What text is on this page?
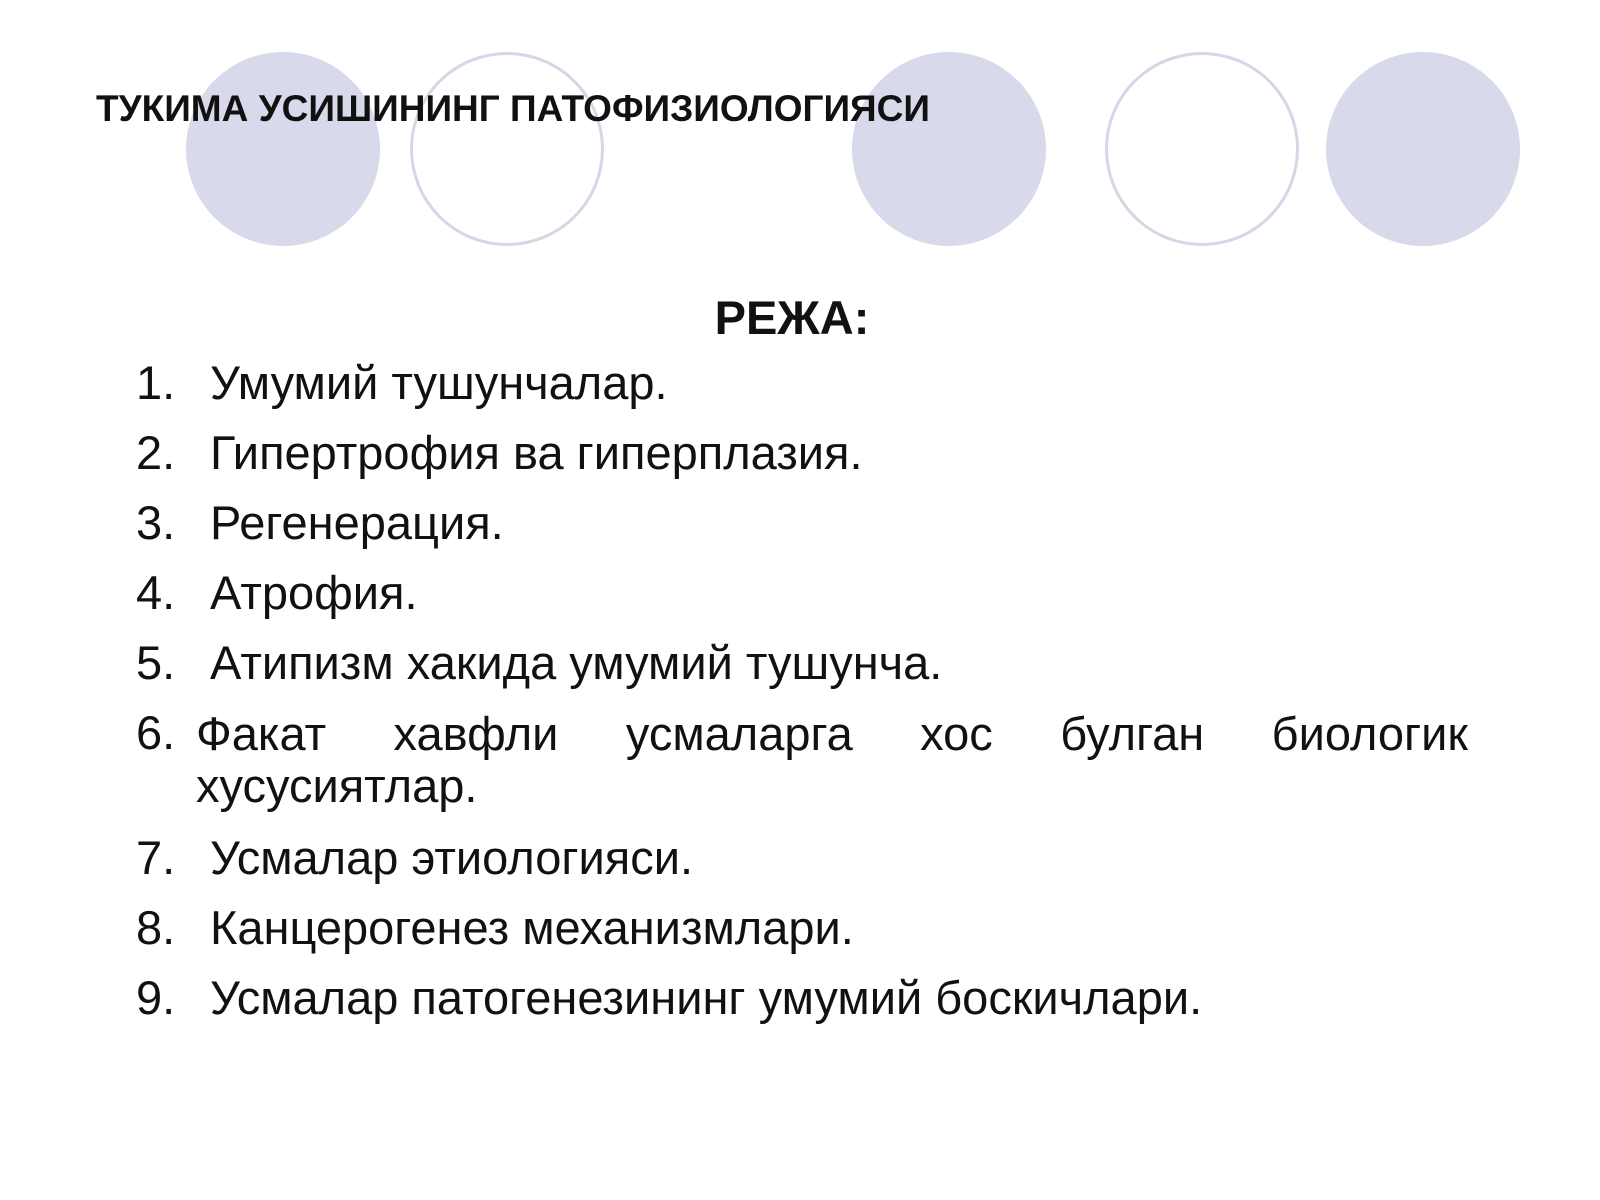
ТУКИМА УСИШИНИНГ ПАТОФИЗИОЛОГИЯСИ
РЕЖА:
1. Умумий тушунчалар.
2. Гипертрофия ва гиперплазия.
3. Регенерация.
4. Атрофия.
5. Атипизм хакида умумий тушунча.
6. Факат хавфли усмаларга хос булган биологик
хусусиятлар.
7. Усмалар этиологияси.
8. Канцерогенез механизмлари.
9. Усмалар патогенезининг умумий боскичлари.
